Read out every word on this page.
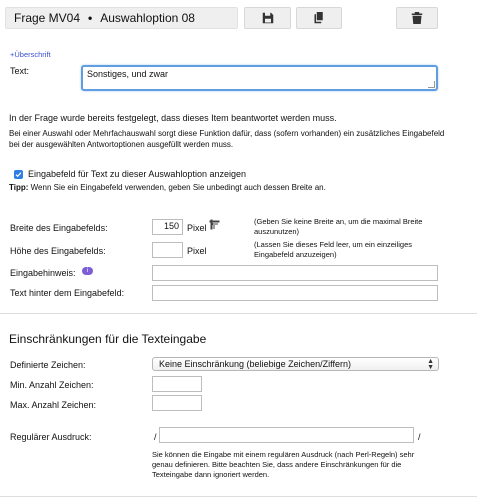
Frage MV04 • Auswahloption 08
+Überschrift
Text:	Sonstiges, und zwar
In der Frage wurde bereits festgelegt, dass dieses Item beantwortet werden muss.
Bei einer Auswahl oder Mehrfachauswahl sorgt diese Funktion dafür, dass (sofern vorhanden) ein zusätzliches Eingabefeld
bei der ausgewählten Antwortoptionen ausgefüllt werden muss.
Eingabefeld für Text zu dieser Auswahloption anzeigen
Tipp: Wenn Sie ein Eingabefeld verwenden, geben Sie unbedingt auch dessen Breite an.
Breite des Eingabefelds:	150 Pixel
(Geben Sie keine Breite an, um die maximal Breite
auszunutzen)
Höhe des Eingabefelds:	Pixel
(Lassen Sie dieses Feld leer, um ein einzeiliges
Eingabefeld anzuzeigen)
Eingabehinweis:	i
Text hinter dem Eingabefeld:
Einschränkungen für die Texteingabe
Definierte Zeichen:	Keine Einschränkung (beliebige Zeichen/Ziffern)	▲
▼
Min. Anzahl Zeichen:
Max. Anzahl Zeichen:
Regulärer Ausdruck:	/	/
Sie können die Eingabe mit einem regulären Ausdruck (nach Perl-Regeln) sehr
genau definieren. Bitte beachten Sie, dass andere Einschränkungen für die
Texteingabe dann ignoriert werden.
